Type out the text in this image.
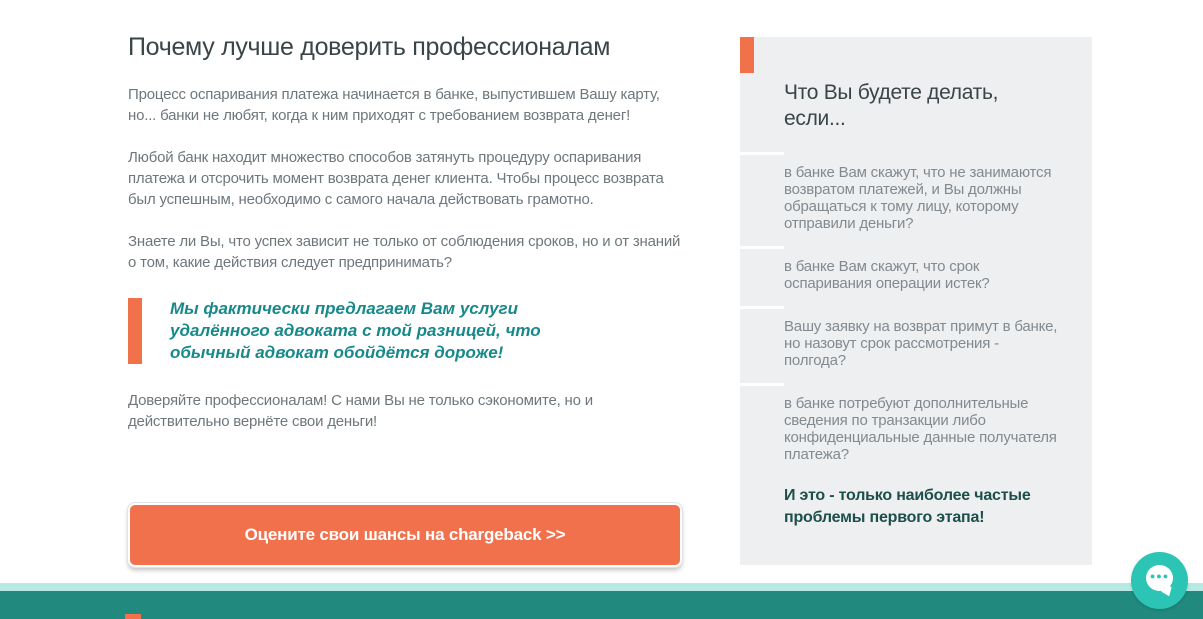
Почему лучше доверить профессионалам

Процесс оспаривания платежа начинается в банке, выпустившем Вашу карту, но... банки не любят, когда к ним приходят с требованием возврата денег!

Любой банк находит множество способов затянуть процедуру оспаривания платежа и отсрочить момент возврата денег клиента. Чтобы процесс возврата был успешным, необходимо с самого начала действовать грамотно.

Знаете ли Вы, что успех зависит не только от соблюдения сроков, но и от знаний о том, какие действия следует предпринимать?

Мы фактически предлагаем Вам услуги удалённого адвоката с той разницей, что обычный адвокат обойдётся дороже!

Доверяйте профессионалам! С нами Вы не только сэкономите, но и действительно вернёте свои деньги!

Оцените свои шансы на chargeback >>
Что Вы будете делать, если...
в банке Вам скажут, что не занимаются возвратом платежей, и Вы должны обращаться к тому лицу, которому отправили деньги?
в банке Вам скажут, что срок оспаривания операции истек?
Вашу заявку на возврат примут в банке, но назовут срок рассмотрения - полгода?
в банке потребуют дополнительные сведения по транзакции либо конфиденциальные данные получателя платежа?
И это - только наиболее частые проблемы первого этапа!
●●●
